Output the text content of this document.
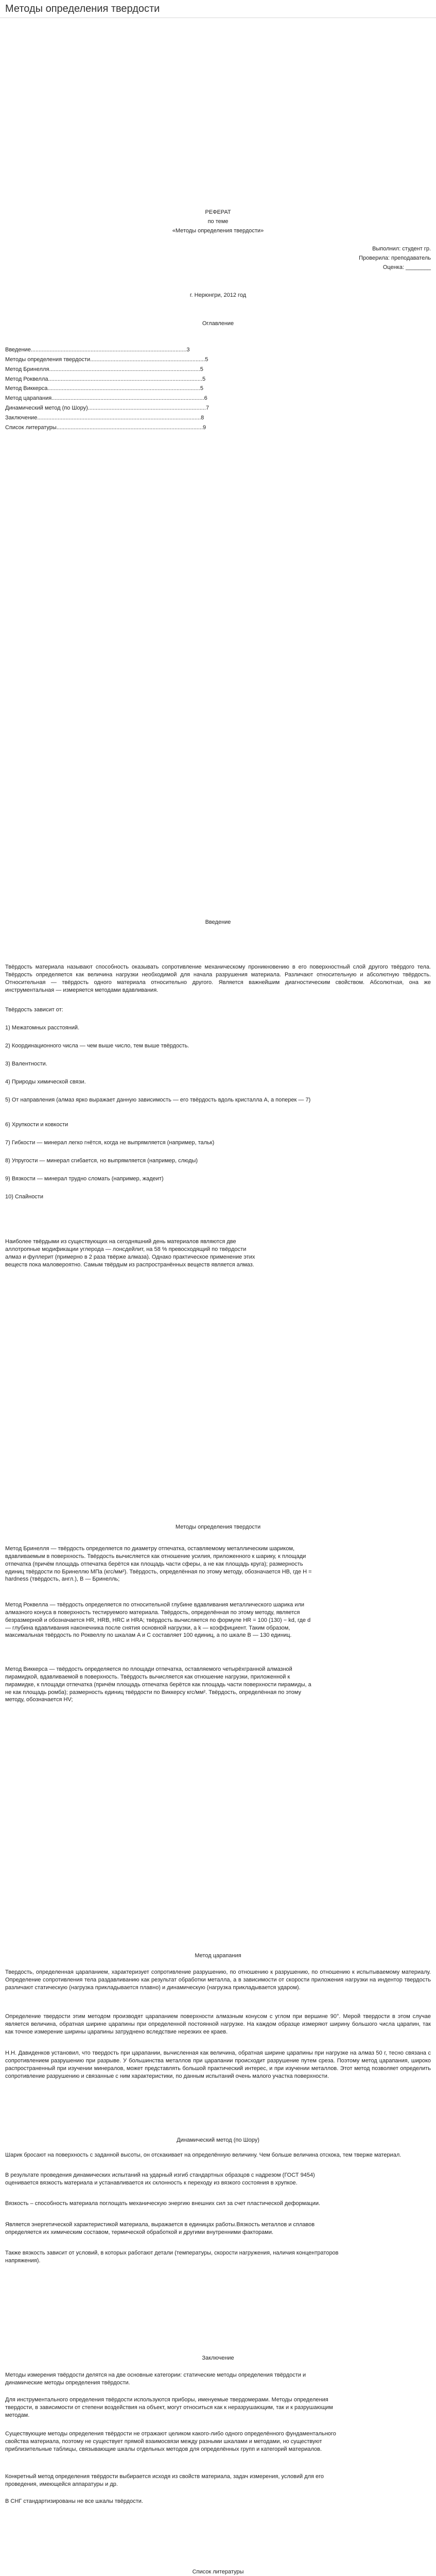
Методы определения твердости
РЕФЕРАТ
по теме
«Методы определения твердости»
Выполнил: студент гр.
Проверила: преподаватель
Оценка: ________
г. Нерюнгри, 2012 год
Оглавление
Введение ................................................................................................... 3
Методы определения твердости ......................................................................... 5
Метод Бринелля ................................................................................................ 5
Метод Роквелла .................................................................................................. 5
Метод Виккерса ................................................................................................. 5
Метод царапания ................................................................................................. 6
Динамический метод (по Шору) ........................................................................... 7
Заключение ........................................................................................................ 8
Список литературы ............................................................................................. 9
Введение

Твёрдость материала называют способность оказывать сопротивление механическому проникновению в его поверхностный слой другого твёрдого тела. Твёрдость определяется как величина нагрузки необходимой для начала разрушения материала. Различают относительную и абсолютную твёрдость. Относительная — твёрдость одного материала относительно другого. Является важнейшим диагностическим свойством. Абсолютная, она же инструментальная — измеряется методами вдавливания.

Твёрдость зависит от:

1) Межатомных расстояний.

2) Координационного числа — чем выше число, тем выше твёрдость.

3) Валентности.

4) Природы химической связи.

5) От направления (алмаз ярко выражает данную зависимость — его твёрдость вдоль кристалла А, а поперек — 7)

6) Хрупкости и ковкости

7) Гибкости — минерал легко гнётся, когда не выпрямляется (например, тальк)

8) Упругости — минерал сгибается, но выпрямляется (например, слюды)

9) Вязкости — минерал трудно сломать (например, жадеит)

10) Спайности

Наиболее твёрдыми из существующих на сегодняшний день материалов являются две аллотропные модификации углерода — лонсдейлит, на 58 % превосходящий по твёрдости алмаз и фуллерит (примерно в 2 раза твёрже алмаза). Однако практическое применение этих веществ пока маловероятно. Самым твёрдым из распространённых веществ является алмаз.

Методы определения твердости

Метод Бринелля — твёрдость определяется по диаметру отпечатка, оставляемому металлическим шариком, вдавливаемым в поверхность. Твёрдость вычисляется как отношение усилия, приложенного к шарику, к площади отпечатка (причём площадь отпечатка берётся как площадь части сферы, а не как площадь круга); размерность единиц твёрдости по Бринеллю МПа (кгс/мм²). Твёрдость, определённая по этому методу, обозначается HB, где H = hardness (твёрдость, англ.), B — Бринелль;

Метод Роквелла — твёрдость определяется по относительной глубине вдавливания металлического шарика или алмазного конуса в поверхность тестируемого материала. Твёрдость, определённая по этому методу, является безразмерной и обозначается HR, HRB, HRC и HRA; твёрдость вычисляется по формуле HR = 100 (130) − kd, где d — глубина вдавливания наконечника после снятия основной нагрузки, а k — коэффициент. Таким образом, максимальная твёрдость по Роквеллу по шкалам A и C составляет 100 единиц, а по шкале B — 130 единиц.

Метод Виккерса — твёрдость определяется по площади отпечатка, оставляемого четырёхгранной алмазной пирамидкой, вдавливаемой в поверхность. Твёрдость вычисляется как отношение нагрузки, приложенной к пирамидке, к площади отпечатка (причём площадь отпечатка берётся как площадь части поверхности пирамиды, а не как площадь ромба); размерность единиц твёрдости по Виккерсу кгс/мм². Твёрдость, определённая по этому методу, обозначается HV;

Метод царапания

Твердость, определенная царапанием, характеризует сопротивление разрушению, по отношению к разрушению, по отношению к испытываемому материалу. Определение сопротивления тела раздавливанию как результат обработки металла, а в зависимости от скорости приложения нагрузки на индентор твердость различают статическую (нагрузка прикладывается плавно) и динамическую (нагрузка прикладывается ударом).

Определение твердости этим методом производят царапанием поверхности алмазным конусом с углом при вершине 90°. Мерой твердости в этом случае является величина, обратная ширине царапины при определенной постоянной нагрузке. На каждом образце измеряют ширину большого числа царапин, так как точное измерение ширины царапины затруднено вследствие нерезких ее краев.

Н.Н. Давиденков установил, что твердость при царапании, вычисленная как величина, обратная ширине царапины при нагрузке на алмаз 50 г, тесно связана с сопротивлением разрушению при разрыве. У большинства металлов при царапании происходит разрушение путем среза. Поэтому метод царапания, широко распространенный при изучении минералов, может представлять большой практический интерес, и при изучении металлов. Этот метод позволяет определить сопротивление разрушению и связанные с ним характеристики, по данным испытаний очень малого участка поверхности.

Динамический метод (по Шору)

Шарик бросают на поверхность с заданной высоты, он отскакивает на определённую величину. Чем больше величина отскока, тем тверже материал.

В результате проведения динамических испытаний на ударный изгиб стандартных образцов с надрезом (ГОСТ 9454) оценивается вязкость материала и устанавливается их склонность к переходу из вязкого состояния в хрупкое.

Вязкость – способность материала поглощать механическую энергию внешних сил за счет пластической деформации.

Является энергетической характеристикой материала, выражается в единицах работы.Вязкость металлов и сплавов определяется их химическим составом, термической обработкой и другими внутренними факторами.

Также вязкость зависит от условий, в которых работают детали (температуры, скорости нагружения, наличия концентраторов напряжения).

Заключение

Методы измерения твёрдости делятся на две основные категории: статические методы определения твёрдости и динамические методы определения твёрдости.

Для инструментального определения твёрдости используются приборы, именуемые твердомерами. Методы определения твердости, в зависимости от степени воздействия на объект, могут относиться как к неразрушающим, так и к разрушающим методам.

Существующие методы определения твёрдости не отражают целиком какого-либо одного определённого фундаментального свойства материала, поэтому не существует прямой взаимосвязи между разными шкалами и методами, но существуют приблизительные таблицы, связывающие шкалы отдельных методов для определённых групп и категорий материалов.

Конкретный метод определения твёрдости выбирается исходя из свойств материала, задач измерения, условий для его проведения, имеющейся аппаратуры и др.

В СНГ стандартизированы не все шкалы твёрдости.

Список литературы
